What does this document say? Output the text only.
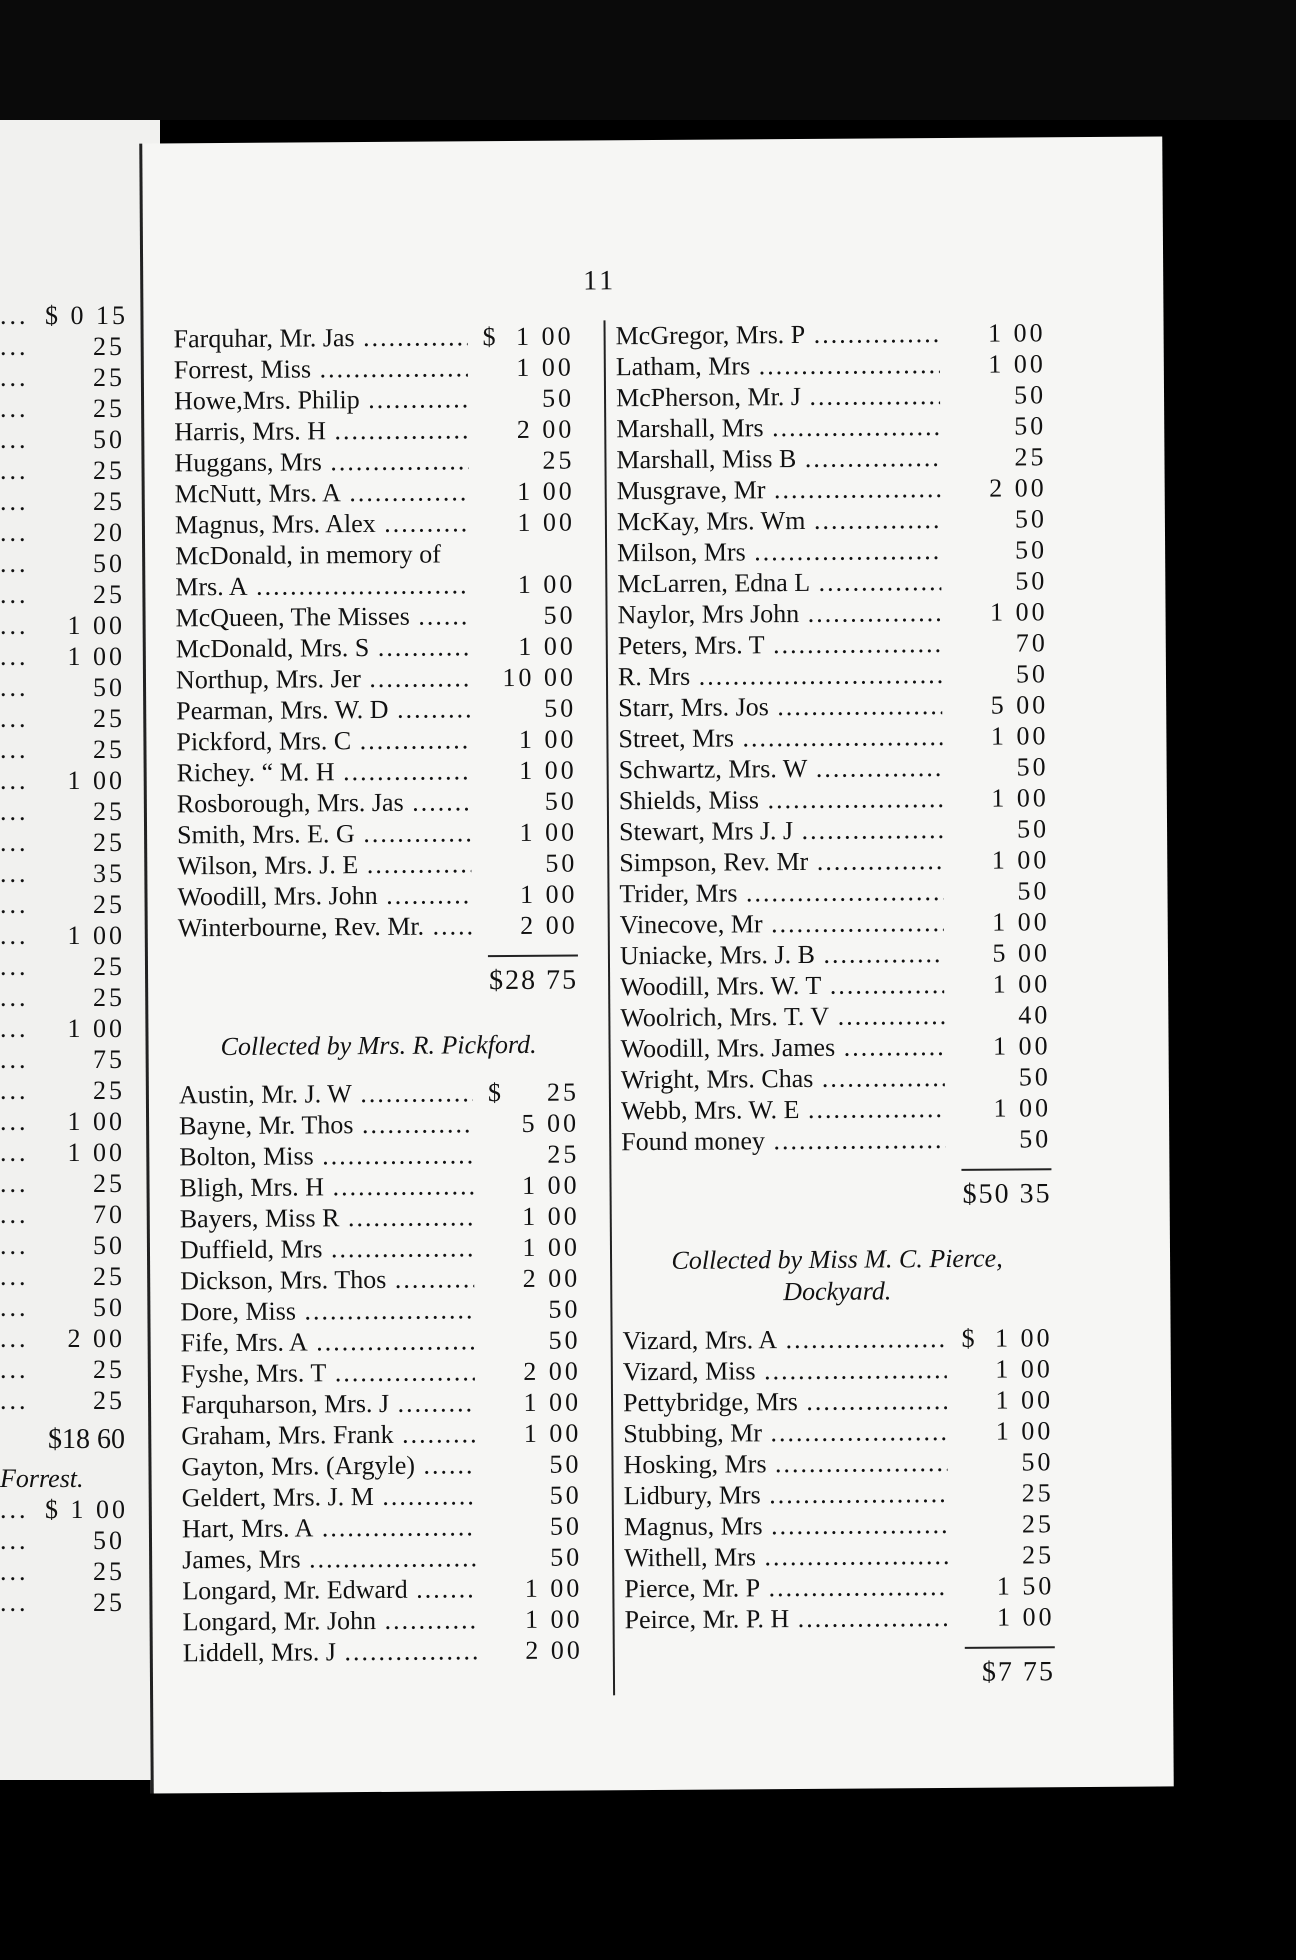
... $ 0 15
...	25
...	25
...	25
...	50
...	25
...	25
...	20
...	50
...	25
...	1 00
...	1 00
...	50
...	25
...	25
...	1 00
...	25
...	25
...	35
...	25
...	1 00
...	25
...	25
...	1 00
...	75
...	25
...	1 00
...	1 00
...	25
...	70
...	50
...	25
...	50
...	2 00
...	25
...	25
$18 60
Forrest.
... $ 1 00
...	50
...	25
...	25
11
Farquhar, Mr. Jas .....	$ 1 00
Forrest, Miss .....	1 00
Howe,Mrs. Philip .....	50
Harris, Mrs. H .....	2 00
Huggans, Mrs .....	25
McNutt, Mrs. A .....	1 00
Magnus, Mrs. Alex .....	1 00
McDonald, in memory of
Mrs. A .....	1 00
McQueen, The Misses .....	50
McDonald, Mrs. S .....	1 00
Northup, Mrs. Jer .....	10 00
Pearman, Mrs. W. D .....	50
Pickford, Mrs. C .....	1 00
Richey. “ M. H .....	1 00
Rosborough, Mrs. Jas .....	50
Smith, Mrs. E. G .....	1 00
Wilson, Mrs. J. E .....	50
Woodill, Mrs. John .....	1 00
Winterbourne, Rev. Mr. .....	2 00
$28 75
Collected by Mrs. R. Pickford.
Austin, Mr. J. W .....	$	25
Bayne, Mr. Thos .....	5 00
Bolton, Miss .....	25
Bligh, Mrs. H .....	1 00
Bayers, Miss R .....	1 00
Duffield, Mrs .....	1 00
Dickson, Mrs. Thos .....	2 00
Dore, Miss .....	50
Fife, Mrs. A .....	50
Fyshe, Mrs. T .....	2 00
Farquharson, Mrs. J .....	1 00
Graham, Mrs. Frank .....	1 00
Gayton, Mrs. (Argyle) .....	50
Geldert, Mrs. J. M .....	50
Hart, Mrs. A .....	50
James, Mrs .....	50
Longard, Mr. Edward .....	1 00
Longard, Mr. John .....	1 00
Liddell, Mrs. J .....	2 00
McGregor, Mrs. P .....	1 00
Latham, Mrs .....	1 00
McPherson, Mr. J .....	50
Marshall, Mrs .....	50
Marshall, Miss B .....	25
Musgrave, Mr .....	2 00
McKay, Mrs. Wm .....	50
Milson, Mrs .....	50
McLarren, Edna L .....	50
Naylor, Mrs John .....	1 00
Peters, Mrs. T .....	70
R. Mrs .....	50
Starr, Mrs. Jos .....	5 00
Street, Mrs .....	1 00
Schwartz, Mrs. W .....	50
Shields, Miss .....	1 00
Stewart, Mrs J. J .....	50
Simpson, Rev. Mr .....	1 00
Trider, Mrs .....	50
Vinecove, Mr .....	1 00
Uniacke, Mrs. J. B .....	5 00
Woodill, Mrs. W. T .....	1 00
Woolrich, Mrs. T. V .....	40
Woodill, Mrs. James .....	1 00
Wright, Mrs. Chas .....	50
Webb, Mrs. W. E .....	1 00
Found money .....	50
$50 35
Collected by Miss M. C. Pierce, Dockyard.
Vizard, Mrs. A .....	$ 1 00
Vizard, Miss .....	1 00
Pettybridge, Mrs .....	1 00
Stubbing, Mr .....	1 00
Hosking, Mrs .....	50
Lidbury, Mrs .....	25
Magnus, Mrs .....	25
Withell, Mrs .....	25
Pierce, Mr. P .....	1 50
Peirce, Mr. P. H .....	1 00
$7 75
